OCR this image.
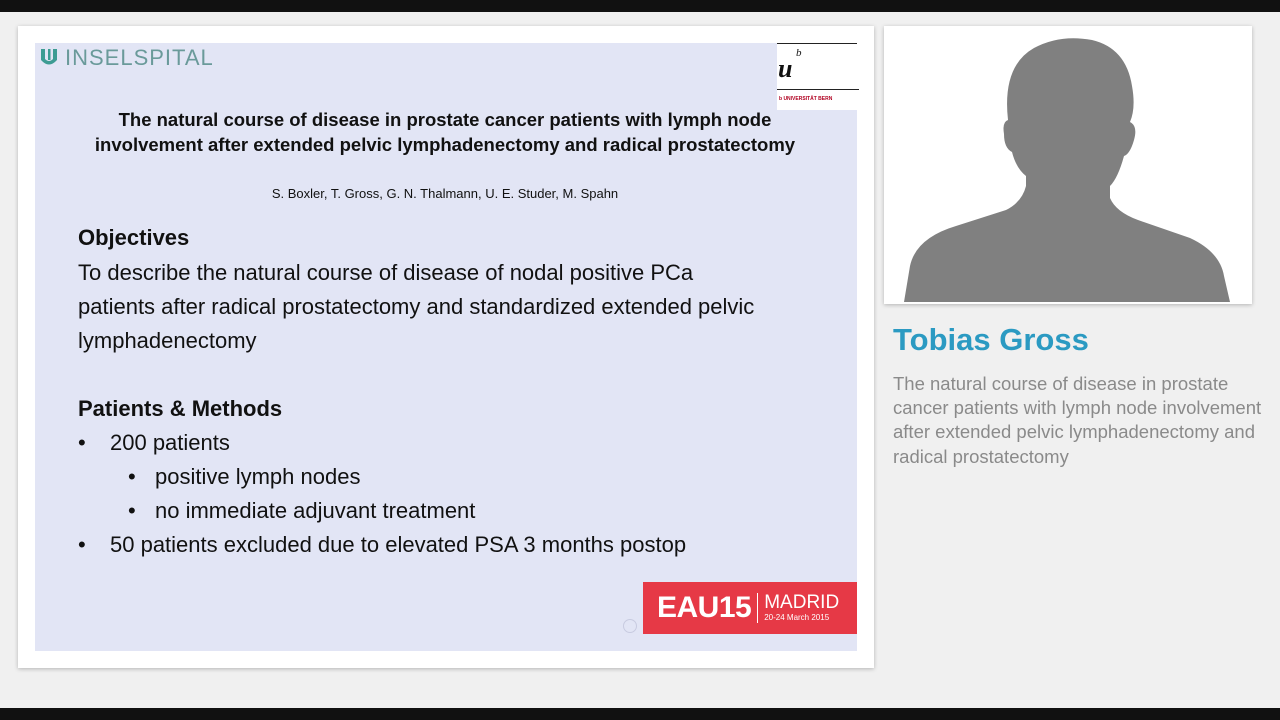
INSELSPITAL	u
b
b UNIVERSITÄT BERN
The natural course of disease in prostate cancer patients with lymph node involvement after extended pelvic lymphadenectomy and radical prostatectomy
S. Boxler, T. Gross, G. N. Thalmann, U. E. Studer, M. Spahn
Objectives
To describe the natural course of disease of nodal positive PCa
patients after radical prostatectomy and standardized extended pelvic
lymphadenectomy
Patients & Methods
• 200 patients
• positive lymph nodes
• no immediate adjuvant treatment
• 50 patients excluded due to elevated PSA 3 months postop
EAU15 MADRID
20-24 March 2015
Tobias Gross
The natural course of disease in prostate cancer patients with lymph node involvement after extended pelvic lymphadenectomy and radical prostatectomy
